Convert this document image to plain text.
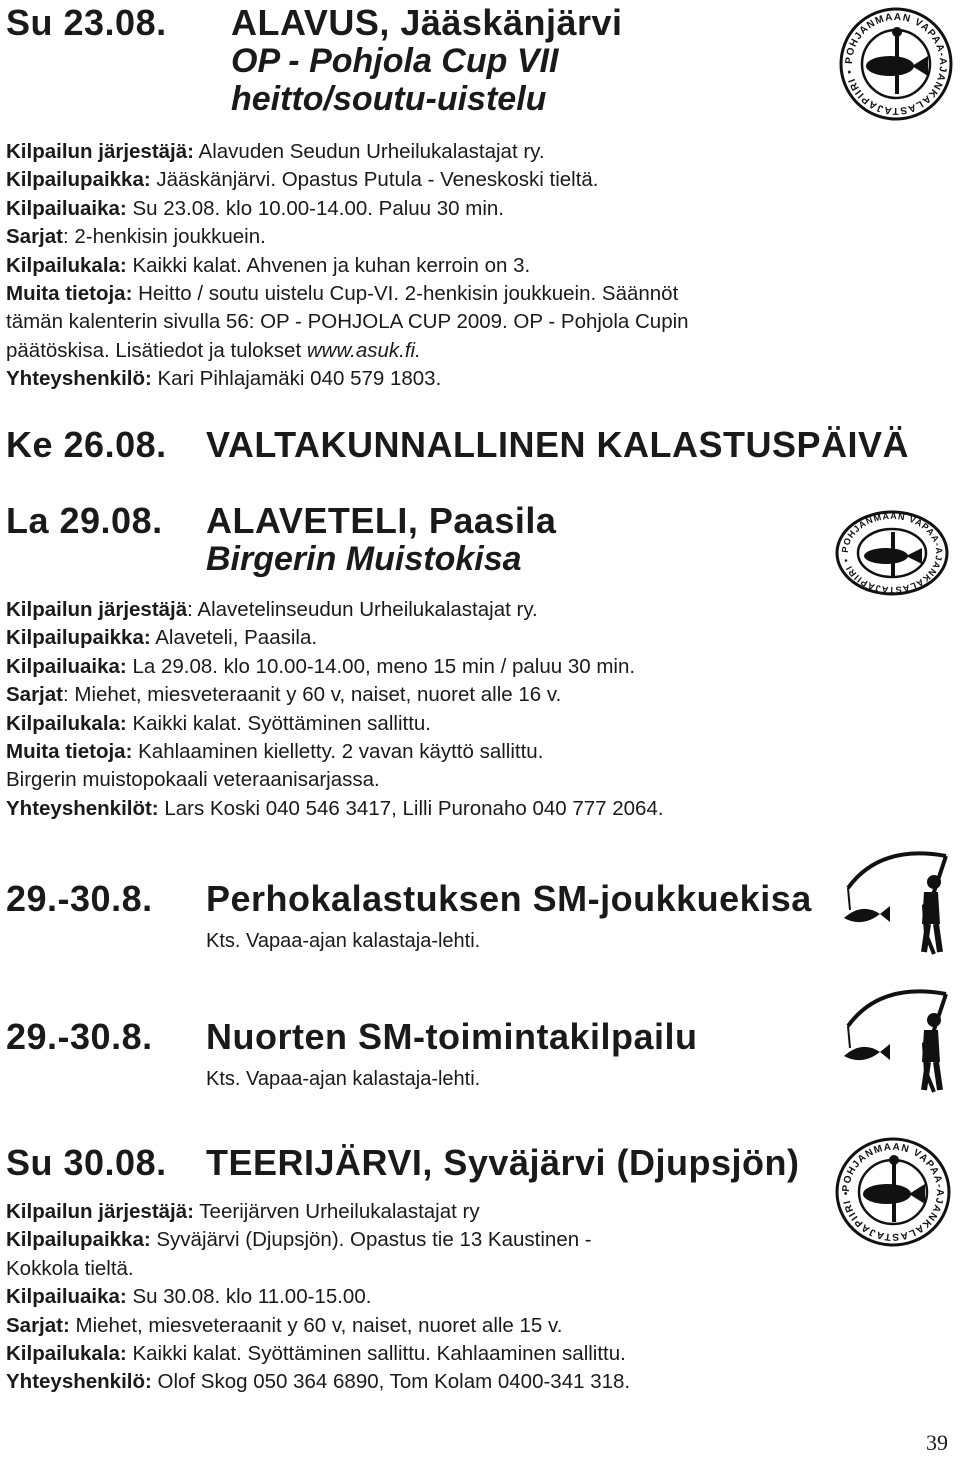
Su 23.08. ALAVUS, Jääskänjärvi
OP - Pohjola Cup VII
heitto/soutu-uistelu
Kilpailun järjestäjä: Alavuden Seudun Urheilukalastajat ry.
Kilpailupaikka: Jääskänjärvi. Opastus Putula - Veneskoski tieltä.
Kilpailuaika: Su 23.08. klo 10.00-14.00. Paluu 30 min.
Sarjat: 2-henkisin joukkuein.
Kilpailukala: Kaikki kalat. Ahvenen ja kuhan kerroin on 3.
Muita tietoja: Heitto / soutu uistelu Cup-VI. 2-henkisin joukkuein. Säännöt
tämän kalenterin sivulla 56: OP - POHJOLA CUP 2009. OP - Pohjola Cupin
päätöskisa. Lisätiedot ja tulokset www.asuk.fi.
Yhteyshenkilö: Kari Pihlajamäki 040 579 1803.
POHJANMAAN VAPAA-AJANKALASTAJAPIIRI •
Ke 26.08. VALTAKUNNALLINEN KALASTUSPÄIVÄ
La 29.08. ALAVETELI, Paasila
Birgerin Muistokisa
Kilpailun järjestäjä: Alavetelinseudun Urheilukalastajat ry.
Kilpailupaikka: Alaveteli, Paasila.
Kilpailuaika: La 29.08. klo 10.00-14.00, meno 15 min / paluu 30 min.
Sarjat: Miehet, miesveteraanit y 60 v, naiset, nuoret alle 16 v.
Kilpailukala: Kaikki kalat. Syöttäminen sallittu.
Muita tietoja: Kahlaaminen kielletty. 2 vavan käyttö sallittu.
Birgerin muistopokaali veteraanisarjassa.
Yhteyshenkilöt: Lars Koski 040 546 3417, Lilli Puronaho 040 777 2064.
POHJANMAAN VAPAA-AJANKALASTAJAPIIRI •
29.-30.8. Perhokalastuksen SM-joukkuekisa
Kts. Vapaa-ajan kalastaja-lehti.
29.-30.8. Nuorten SM-toimintakilpailu
Kts. Vapaa-ajan kalastaja-lehti.
Su 30.08. TEERIJÄRVI, Syväjärvi (Djupsjön)
Kilpailun järjestäjä: Teerijärven Urheilukalastajat ry
Kilpailupaikka: Syväjärvi (Djupsjön). Opastus tie 13 Kaustinen -
Kokkola tieltä.
Kilpailuaika: Su 30.08. klo 11.00-15.00.
Sarjat: Miehet, miesveteraanit y 60 v, naiset, nuoret alle 15 v.
Kilpailukala: Kaikki kalat. Syöttäminen sallittu. Kahlaaminen sallittu.
Yhteyshenkilö: Olof Skog 050 364 6890, Tom Kolam 0400-341 318.
POHJANMAAN VAPAA-AJANKALASTAJAPIIRI •
39
